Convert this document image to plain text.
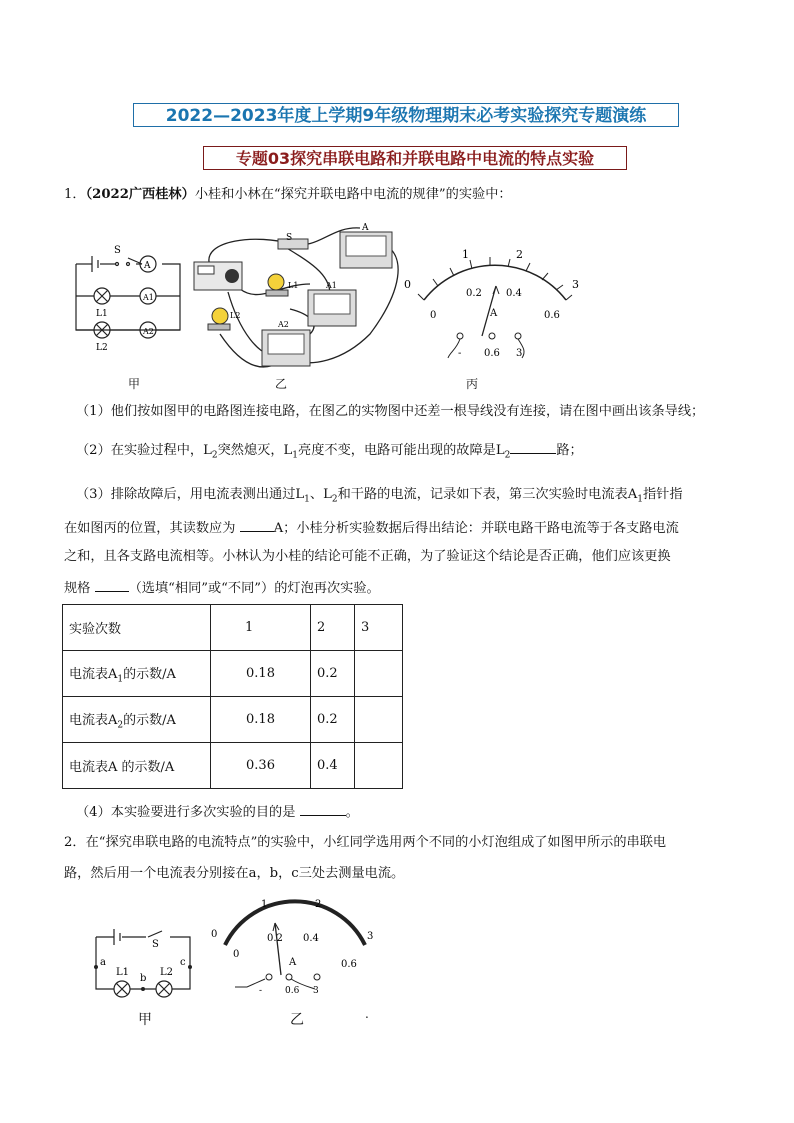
2022—2023年度上学期9年级物理期末必考实验探究专题演练
专题03探究串联电路和并联电路中电流的特点实验
1．（2022广西桂林）小桂和小林在“探究并联电路中电流的规律”的实验中：
S
A
A1
A2
L1
L2
甲
S
A
A1
A2
L1
L2
乙
0
1	2
3
0
0.2 0.4
0.6
A
- 0.6 3
丙
（1）他们按如图甲的电路图连接电路，在图乙的实物图中还差一根导线没有连接，请在图中画出该条导线；
（2）在实验过程中，$L_2$突然熄灭，$L_1$亮度不变，电路可能出现的故障是$L_2$	路；
（3）排除故障后，用电流表测出通过$L_1$、$L_2$和干路的电流，记录如下表，第三次实验时电流表$A_1$指针指
在如图丙的位置，其读数应为	A；小桂分析实验数据后得出结论：并联电路干路电流等于各支路电流
之和，且各支路电流相等。小林认为小桂的结论可能不正确，为了验证这个结论是否正确，他们应该更换
规格	（选填“相同”或“不同”）的灯泡再次实验。
实验次数	1	2	3
电流表$A_1$的示数/A	0.18	0.2	
电流表$A_2$的示数/A	0.18	0.2	
电流表A 的示数/A	0.36	0.4	
（4）本实验要进行多次实验的目的是	。
2．在“探究串联电路的电流特点”的实验中，小红同学选用两个不同的小灯泡组成了如图甲所示的串联电
路，然后用一个电流表分别接在a，b，c三处去测量电流。
S
a
b
c
L1	L2
甲
0
1	2
3
0
0.2 0.4
0.6
A
-	0.6 3
乙	.
